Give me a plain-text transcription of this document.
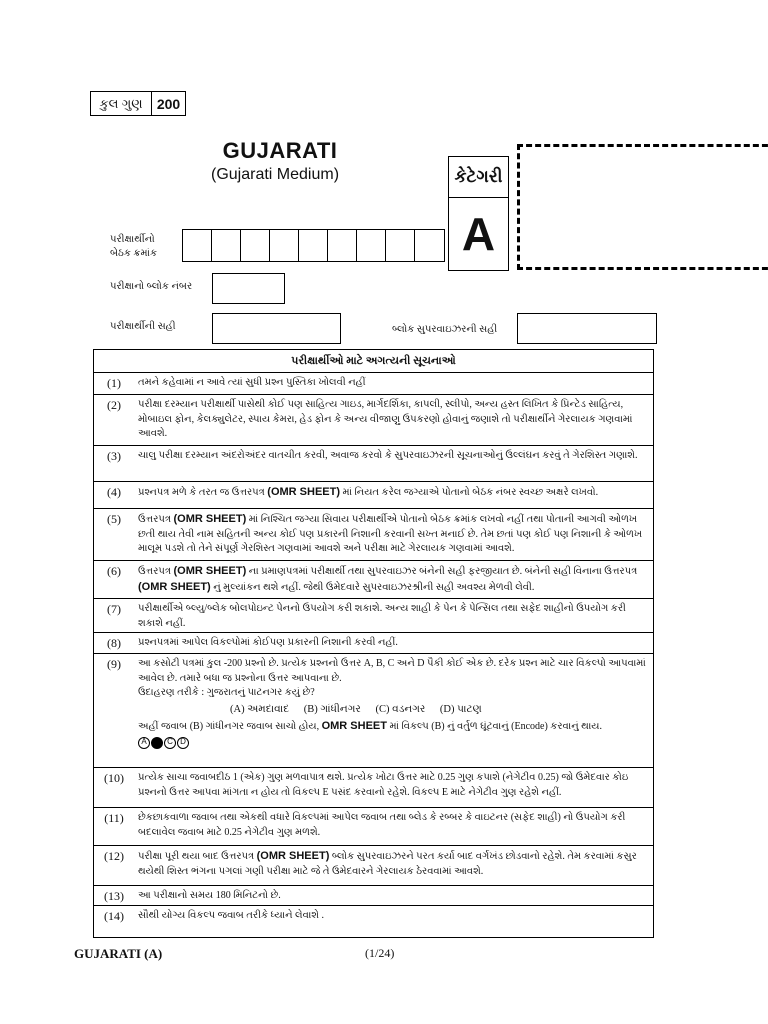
કુલ ગુણ	200
GUJARATI
(Gujarati Medium)	કેટેગરી
A
પરીક્ષાર્થીનો
બેઠક ક્રમાંક
પરીક્ષાનો બ્લોક નંબર
પરીક્ષાર્થીની સહી	બ્લોક સુપરવાઇઝરની સહી
પરીક્ષાર્થીઓ માટે અગત્યની સૂચનાઓ
(1)	તમને કહેવામાં ન આવે ત્યાં સુધી પ્રશ્ન પુસ્તિકા ખોલવી નહીં
(2)	પરીક્ષા દરમ્યાન પરીક્ષાર્થી પાસેથી કોઈ પણ સાહિત્ય ગાઇડ, માર્ગદર્શિકા, કાપલી, સ્લીપો, અન્ય હસ્ત લિખિત કે પ્રિન્ટેડ સાહિત્ય, મોબાઇલ ફોન, કેલક્યુલેટર, સ્પાય કેમરા, હેડ ફોન કે અન્ય વીજાણુ ઉપકરણો હોવાનું જણાશે તો પરીક્ષાર્થીને ગેરલાયક ગણવામાં આવશે.
(3)	ચાલુ પરીક્ષા દરમ્યાન અંદરોઅંદર વાતચીત કરવી, અવાજ કરવો કે સુપરવાઇઝરની સૂચનાઓનું ઉલ્લંઘન કરવું તે ગેરશિસ્ત ગણાશે.
(4)	પ્રશ્નપત્ર મળે કે તરત જ ઉત્તરપત્ર (OMR SHEET) માં નિયત કરેલ જગ્યાએ પોતાનો બેઠક નંબર સ્વચ્છ અક્ષરે લખવો.
(5)	ઉત્તરપત્ર (OMR SHEET) માં નિશ્ચિત જગ્યા સિવાય પરીક્ષાર્થીએ પોતાનો બેઠક ક્રમાંક લખવો નહીં તથા પોતાની આગવી ઓળખ છતી થાય તેવી નામ સહિતની અન્ય કોઈ પણ પ્રકારની નિશાની કરવાની સખ્ત મનાઈ છે. તેમ છતાં પણ કોઈ પણ નિશાની કે ઓળખ માલૂમ પડશે તો તેને સંપૂર્ણ ગેરશિસ્ત ગણવામાં આવશે અને પરીક્ષા માટે ગેરલાયક ગણવામાં આવશે.
(6)	ઉત્તરપત્ર (OMR SHEET) ના પ્રમાણપત્રમાં પરીક્ષાર્થી તથા સુપરવાઇઝર બંનેની સહી ફરજીયાત છે. બંનેની સહી વિનાના ઉત્તરપત્ર (OMR SHEET) નું મુલ્યાંકન થશે નહીં. જેથી ઉમેદવારે સુપરવાઇઝરશ્રીની સહી અવશ્ય મેળવી લેવી.
(7)	પરીક્ષાર્થીએ બ્લ્યુ/બ્લેક બોલપોઇન્ટ પેનનો ઉપયોગ કરી શકાશે. અન્ય શાહી કે પેન કે પેન્સિલ તથા સફેદ શાહીનો ઉપયોગ કરી શકાશે નહીં.
(8)	પ્રશ્નપત્રમાં આપેલ વિકલ્પોમાં કોઈપણ પ્રકારની નિશાની કરવી નહીં.
(9)	આ કસોટી પત્રમાં કુલ -200 પ્રશ્નો છે. પ્રત્યેક પ્રશ્નનો ઉત્તર A, B, C અને D પૈકી કોઈ એક છે. દરેક પ્રશ્ન માટે ચાર વિકલ્પો આપવામાં આવેલ છે. તમારે બધા જ પ્રશ્નોના ઉત્તર આપવાના છે.
ઉદાહરણ તરીકે : ગુજરાતનું પાટનગર કયું છે?
(A) અમદાવાદ (B) ગાંધીનગર (C) વડનગર (D) પાટણ
અહીં જવાબ (B) ગાંધીનગર જવાબ સાચો હોય, OMR SHEET માં વિકલ્પ (B) નું વર્તુળ ઘૂંટવાનું (Encode) કરવાનું થાય.
A	C D
(10)	પ્રત્યેક સાચા જવાબદીઠ 1 (એક) ગુણ મળવાપાત્ર થશે. પ્રત્યેક ખોટા ઉત્તર માટે 0.25 ગુણ કપાશે (નેગેટીવ 0.25) જો ઉમેદવાર કોઇ પ્રશ્નનો ઉત્તર આપવા માંગતા ન હોય તો વિકલ્પ E પસંદ કરવાનો રહેશે. વિકલ્પ E માટે નેગેટીવ ગુણ રહેશે નહીં.
(11)	છેકછાકવાળા જવાબ તથા એકથી વધારે વિકલ્પમાં આપેલ જવાબ તથા બ્લેડ કે રબ્બર કે વાઇટનર (સફેદ શાહી) નો ઉપયોગ કરી બદલાવેલ જવાબ માટે 0.25 નેગેટીવ ગુણ મળશે.
(12)	પરીક્ષા પૂરી થયા બાદ ઉત્તરપત્ર (OMR SHEET) બ્લોક સુપરવાઇઝરને પરત કર્યા બાદ વર્ગખંડ છોડવાનો રહેશે. તેમ કરવામાં કસુર થયેથી શિસ્ત ભંગના પગલાં ગણી પરીક્ષા માટે જે તે ઉમેદવારને ગેરલાયક ઠેરવવામાં આવશે.
(13)	આ પરીક્ષાનો સમય 180 મિનિટનો છે.
(14)	સૌથી યોગ્ય વિકલ્પ જવાબ તરીકે ધ્યાને લેવાશે .
GUJARATI (A)	(1/24)
